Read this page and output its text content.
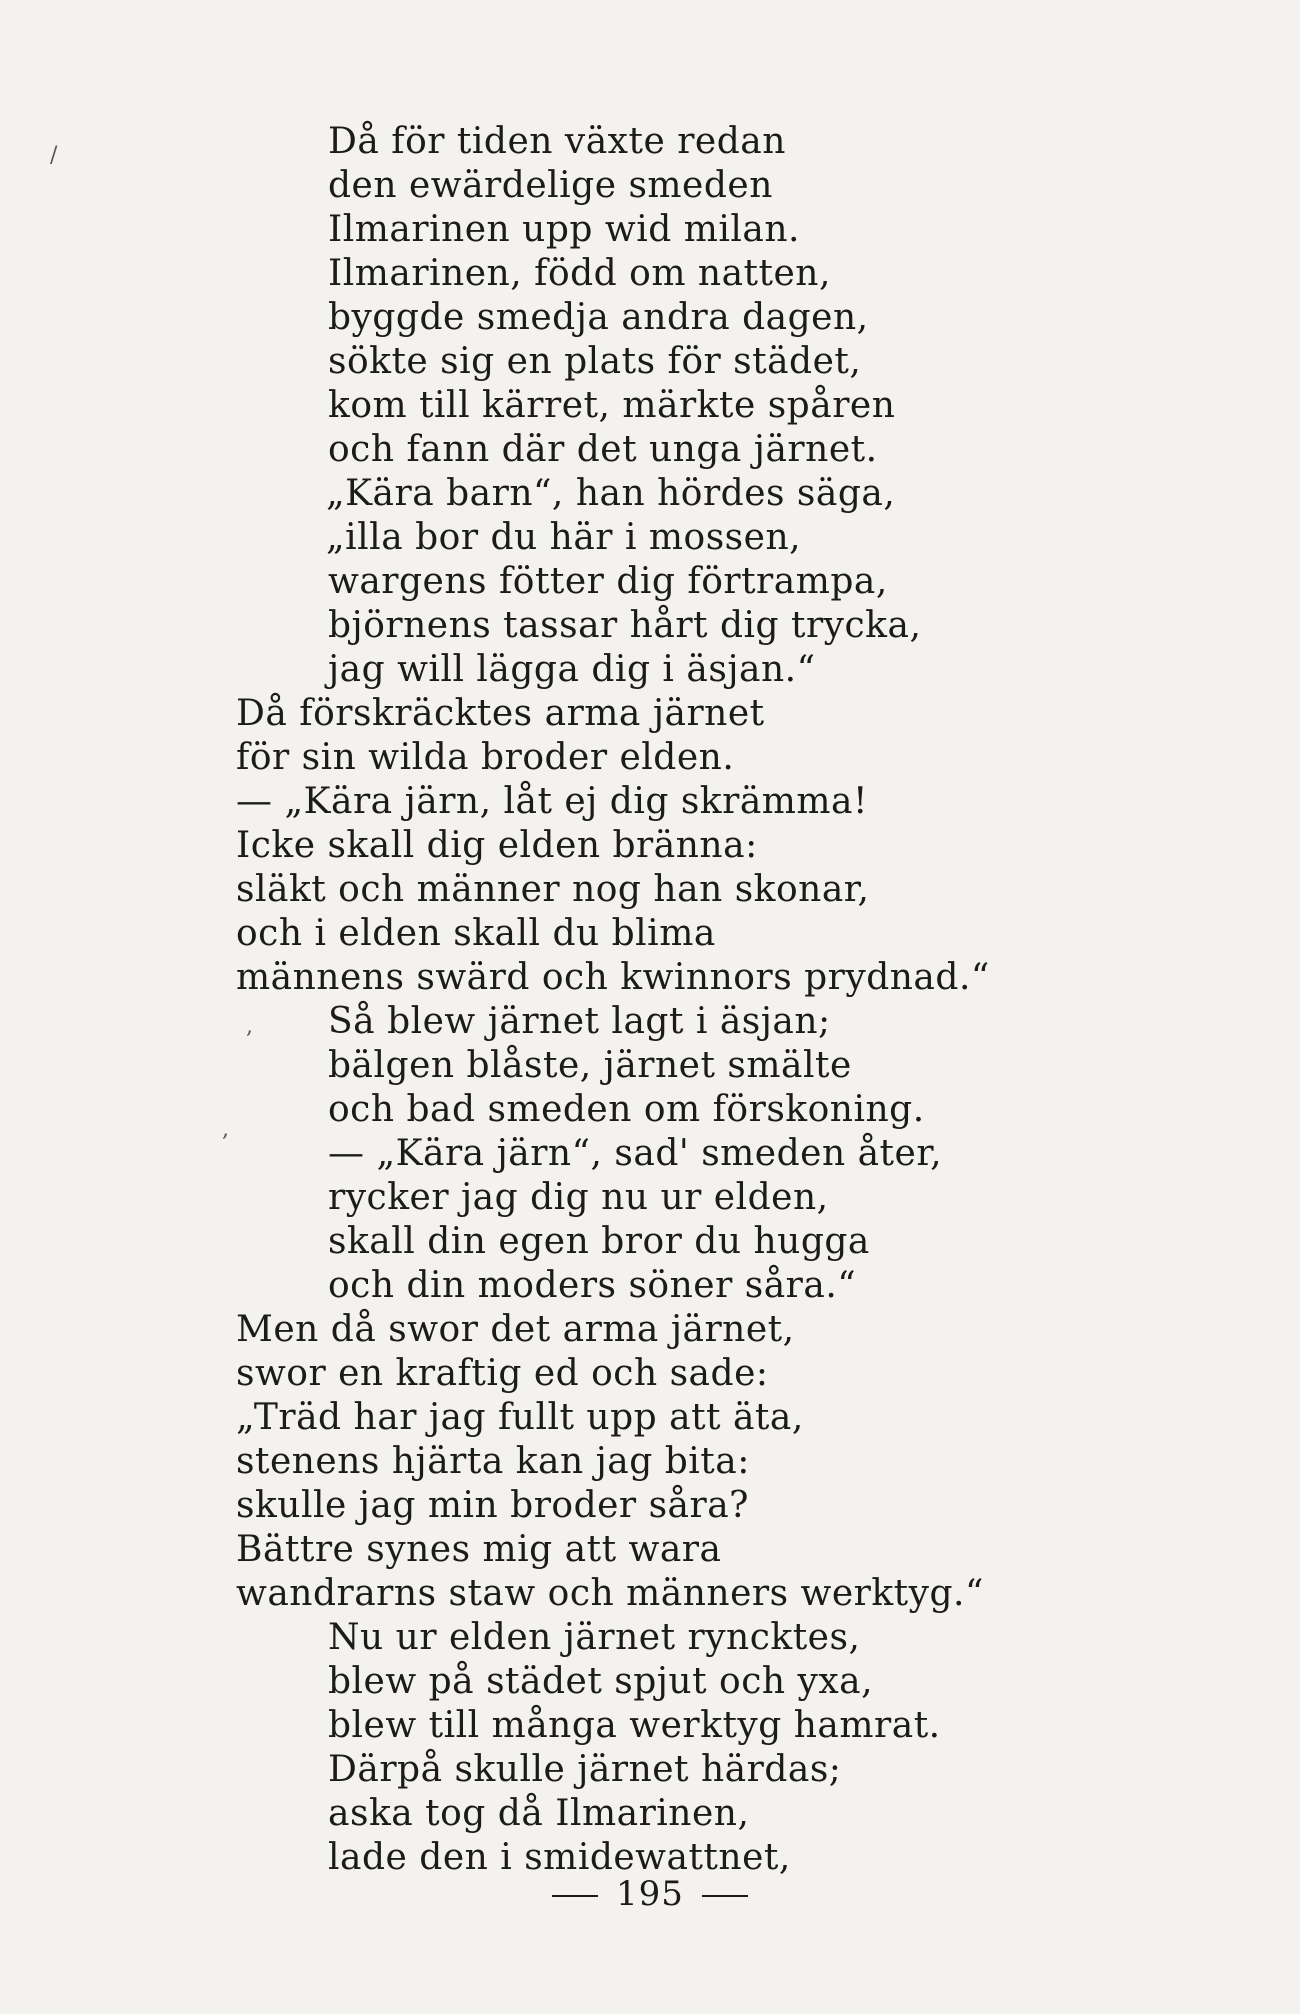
/
,
,
Då för tiden växte redan
den ewärdelige smeden
Ilmarinen upp wid milan.
Ilmarinen, född om natten,
byggde smedja andra dagen,
sökte sig en plats för städet,
kom till kärret, märkte spåren
och fann där det unga järnet.
„Kära barn“, han hördes säga,
„illa bor du här i mossen,
wargens fötter dig förtrampa,
björnens tassar hårt dig trycka,
jag will lägga dig i äsjan.“
Då förskräcktes arma järnet
för sin wilda broder elden.
— „Kära järn, låt ej dig skrämma!
Icke skall dig elden bränna:
släkt och männer nog han skonar,
och i elden skall du blima
männens swärd och kwinnors prydnad.“
Så blew järnet lagt i äsjan;
bälgen blåste, järnet smälte
och bad smeden om förskoning.
— „Kära järn“, sad' smeden åter,
rycker jag dig nu ur elden,
skall din egen bror du hugga
och din moders söner såra.“
Men då swor det arma järnet,
swor en kraftig ed och sade:
„Träd har jag fullt upp att äta,
stenens hjärta kan jag bita:
skulle jag min broder såra?
Bättre synes mig att wara
wandrarns staw och männers werktyg.“
Nu ur elden järnet ryncktes,
blew på städet spjut och yxa,
blew till många werktyg hamrat.
Därpå skulle järnet härdas;
aska tog då Ilmarinen,
lade den i smidewattnet,
195
